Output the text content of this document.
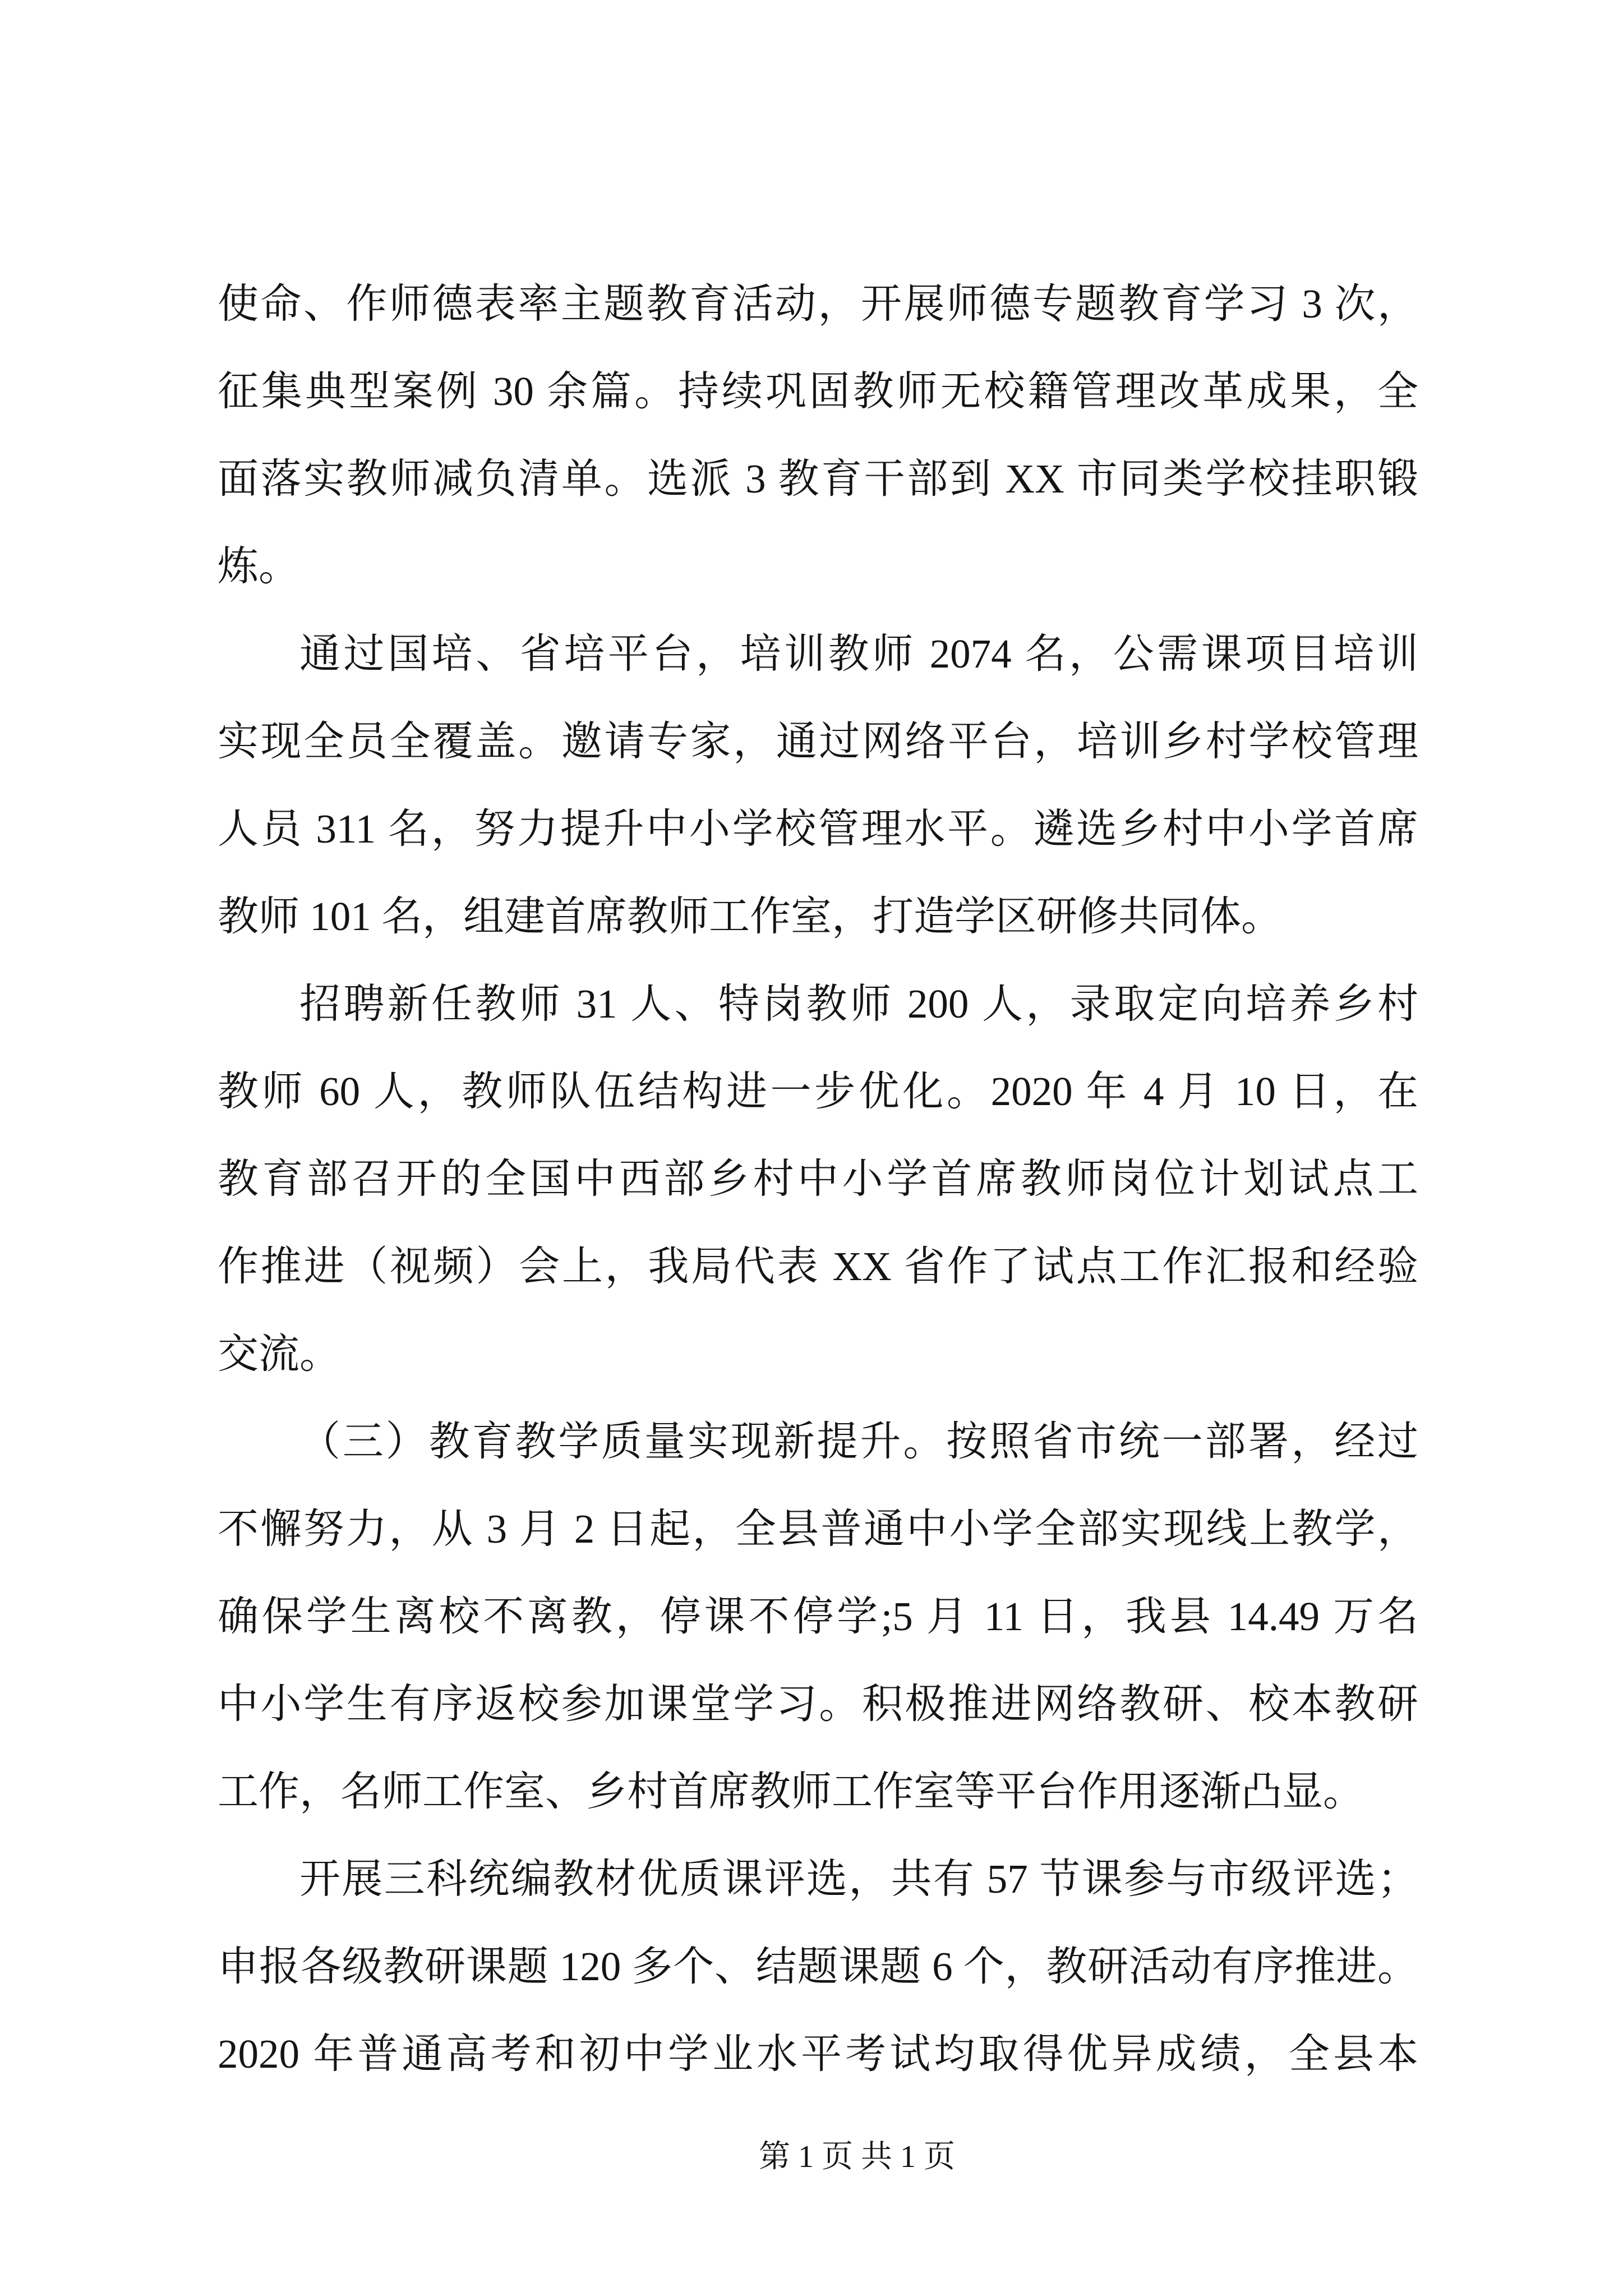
使命、作师德表率主题教育活动，开展师德专题教育学习 3 次，
征集典型案例 30 余篇。持续巩固教师无校籍管理改革成果，全
面落实教师减负清单。选派 3 教育干部到 XX 市同类学校挂职锻
炼。
通过国培、省培平台，培训教师 2074 名，公需课项目培训
实现全员全覆盖。邀请专家，通过网络平台，培训乡村学校管理
人员 311 名，努力提升中小学校管理水平。遴选乡村中小学首席
教师 101 名，组建首席教师工作室，打造学区研修共同体。
招聘新任教师 31 人、特岗教师 200 人，录取定向培养乡村
教师 60 人，教师队伍结构进一步优化。2020 年 4 月 10 日，在
教育部召开的全国中西部乡村中小学首席教师岗位计划试点工
作推进（视频）会上，我局代表 XX 省作了试点工作汇报和经验
交流。
（三）教育教学质量实现新提升。按照省市统一部署，经过
不懈努力，从 3 月 2 日起，全县普通中小学全部实现线上教学，
确保学生离校不离教，停课不停学;5 月 11 日，我县 14.49 万名
中小学生有序返校参加课堂学习。积极推进网络教研、校本教研
工作，名师工作室、乡村首席教师工作室等平台作用逐渐凸显。
开展三科统编教材优质课评选，共有 57 节课参与市级评选；
申报各级教研课题 120 多个、结题课题 6 个，教研活动有序推进。
2020 年普通高考和初中学业水平考试均取得优异成绩，全县本
第 1 页 共 1 页
